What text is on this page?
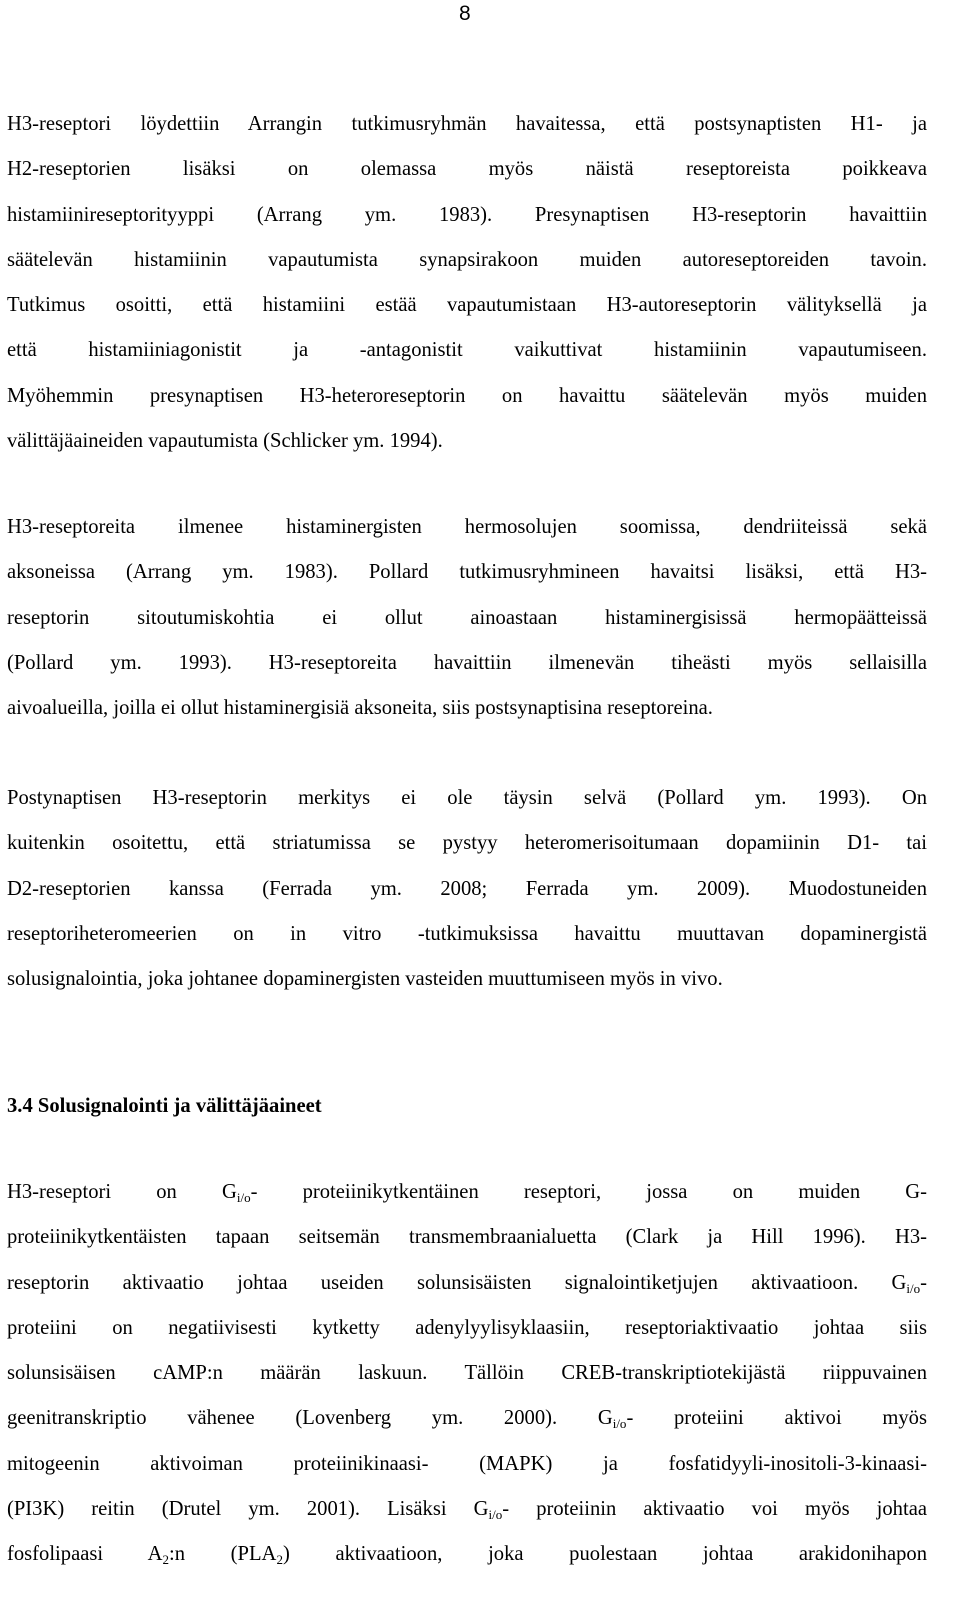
8
H3-reseptori löydettiin Arrangin tutkimusryhmän havaitessa, että postsynaptisten H1- ja
H2-reseptorien lisäksi on olemassa myös näistä reseptoreista poikkeava
histamiinireseptorityyppi (Arrang ym. 1983). Presynaptisen H3-reseptorin havaittiin
säätelevän histamiinin vapautumista synapsirakoon muiden autoreseptoreiden tavoin.
Tutkimus osoitti, että histamiini estää vapautumistaan H3-autoreseptorin välityksellä ja
että histamiiniagonistit ja -antagonistit vaikuttivat histamiinin vapautumiseen.
Myöhemmin presynaptisen H3-heteroreseptorin on havaittu säätelevän myös muiden
välittäjäaineiden vapautumista (Schlicker ym. 1994).
H3-reseptoreita ilmenee histaminergisten hermosolujen soomissa, dendriiteissä sekä
aksoneissa (Arrang ym. 1983). Pollard tutkimusryhmineen havaitsi lisäksi, että H3-
reseptorin sitoutumiskohtia ei ollut ainoastaan histaminergisissä hermopäätteissä
(Pollard ym. 1993). H3-reseptoreita havaittiin ilmenevän tiheästi myös sellaisilla
aivoalueilla, joilla ei ollut histaminergisiä aksoneita, siis postsynaptisina reseptoreina.
Postynaptisen H3-reseptorin merkitys ei ole täysin selvä (Pollard ym. 1993). On
kuitenkin osoitettu, että striatumissa se pystyy heteromerisoitumaan dopamiinin D1- tai
D2-reseptorien kanssa (Ferrada ym. 2008; Ferrada ym. 2009). Muodostuneiden
reseptoriheteromeerien on in vitro -tutkimuksissa havaittu muuttavan dopaminergistä
solusignalointia, joka johtanee dopaminergisten vasteiden muuttumiseen myös in vivo.
3.4 Solusignalointi ja välittäjäaineet
H3-reseptori on $G_{i/o}-$ proteiinikytkentäinen reseptori, jossa on muiden G-
proteiinikytkentäisten tapaan seitsemän transmembraanialuetta (Clark ja Hill 1996). H3-
reseptorin aktivaatio johtaa useiden solunsisäisten signalointiketjujen aktivaatioon. $G_{i/o}-$
proteiini on negatiivisesti kytketty adenylyylisyklaasiin, reseptoriaktivaatio johtaa siis
solunsisäisen cAMP:n määrän laskuun. Tällöin CREB-transkriptiotekijästä riippuvainen
geenitranskriptio vähenee (Lovenberg ym. 2000). $G_{i/o}-$ proteiini aktivoi myös
mitogeenin aktivoiman proteiinikinaasi- (MAPK) ja fosfatidyyli-inositoli-3-kinaasi-
(PI3K) reitin (Drutel ym. 2001). Lisäksi $G_{i/o}-$ proteiinin aktivaatio voi myös johtaa
fosfolipaasi $A_2:n$ $(PLA_2)$ aktivaatioon, joka puolestaan johtaa arakidonihapon
